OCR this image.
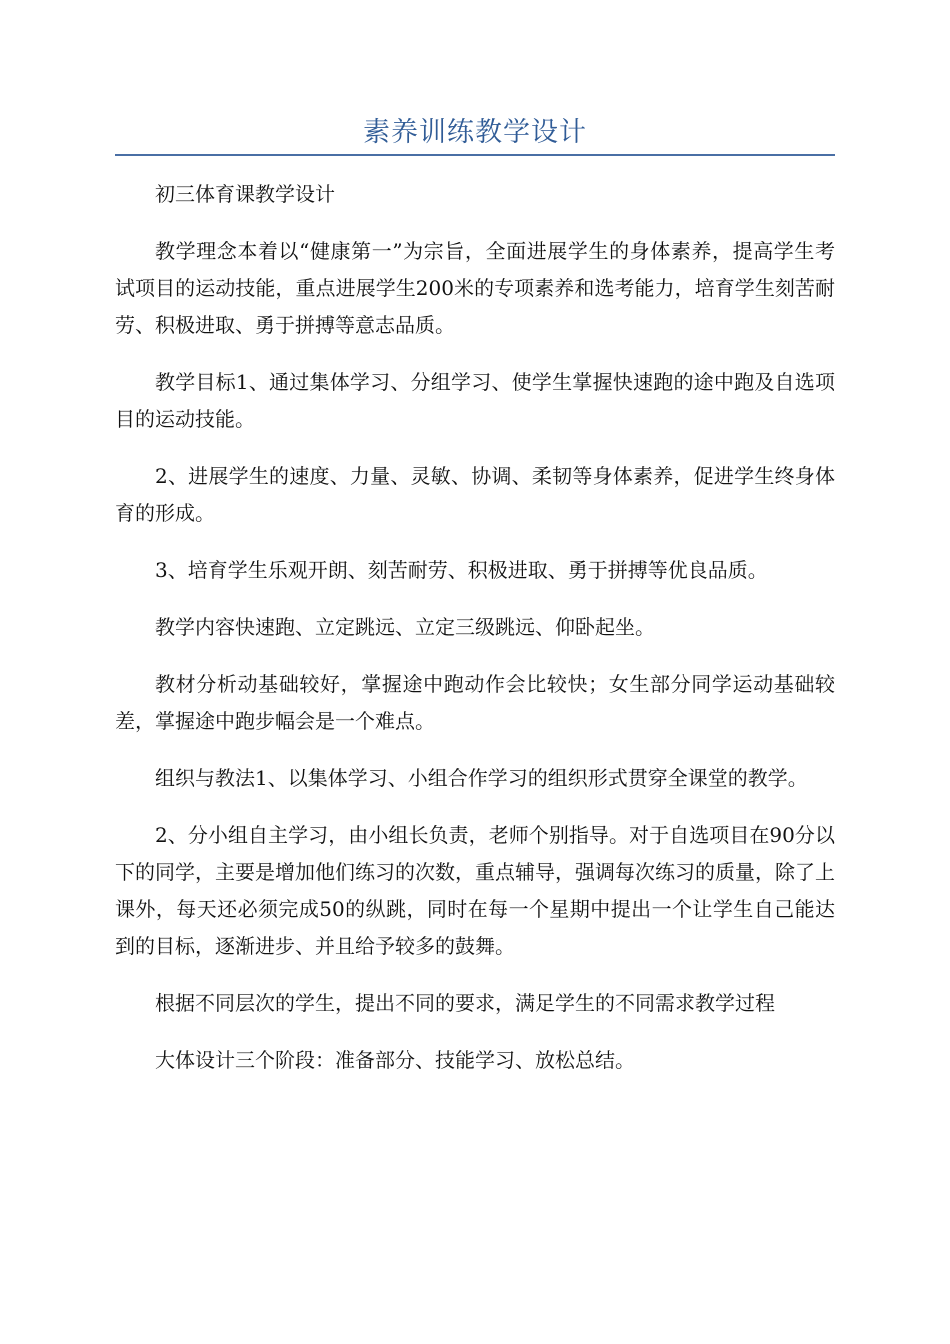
素养训练教学设计

初三体育课教学设计

教学理念本着以“健康第一”为宗旨，全面进展学生的身体素养，提高学生考试项目的运动技能，重点进展学生200米的专项素养和选考能力，培育学生刻苦耐劳、积极进取、勇于拼搏等意志品质。

教学目标1、通过集体学习、分组学习、使学生掌握快速跑的途中跑及自选项目的运动技能。

2、进展学生的速度、力量、灵敏、协调、柔韧等身体素养，促进学生终身体育的形成。

3、培育学生乐观开朗、刻苦耐劳、积极进取、勇于拼搏等优良品质。

教学内容快速跑、立定跳远、立定三级跳远、仰卧起坐。

教材分析动基础较好，掌握途中跑动作会比较快；女生部分同学运动基础较差，掌握途中跑步幅会是一个难点。

组织与教法1、以集体学习、小组合作学习的组织形式贯穿全课堂的教学。

2、分小组自主学习，由小组长负责，老师个别指导。对于自选项目在90分以下的同学，主要是增加他们练习的次数，重点辅导，强调每次练习的质量，除了上课外，每天还必须完成50的纵跳，同时在每一个星期中提出一个让学生自己能达到的目标，逐渐进步、并且给予较多的鼓舞。

根据不同层次的学生，提出不同的要求，满足学生的不同需求教学过程

大体设计三个阶段：准备部分、技能学习、放松总结。
